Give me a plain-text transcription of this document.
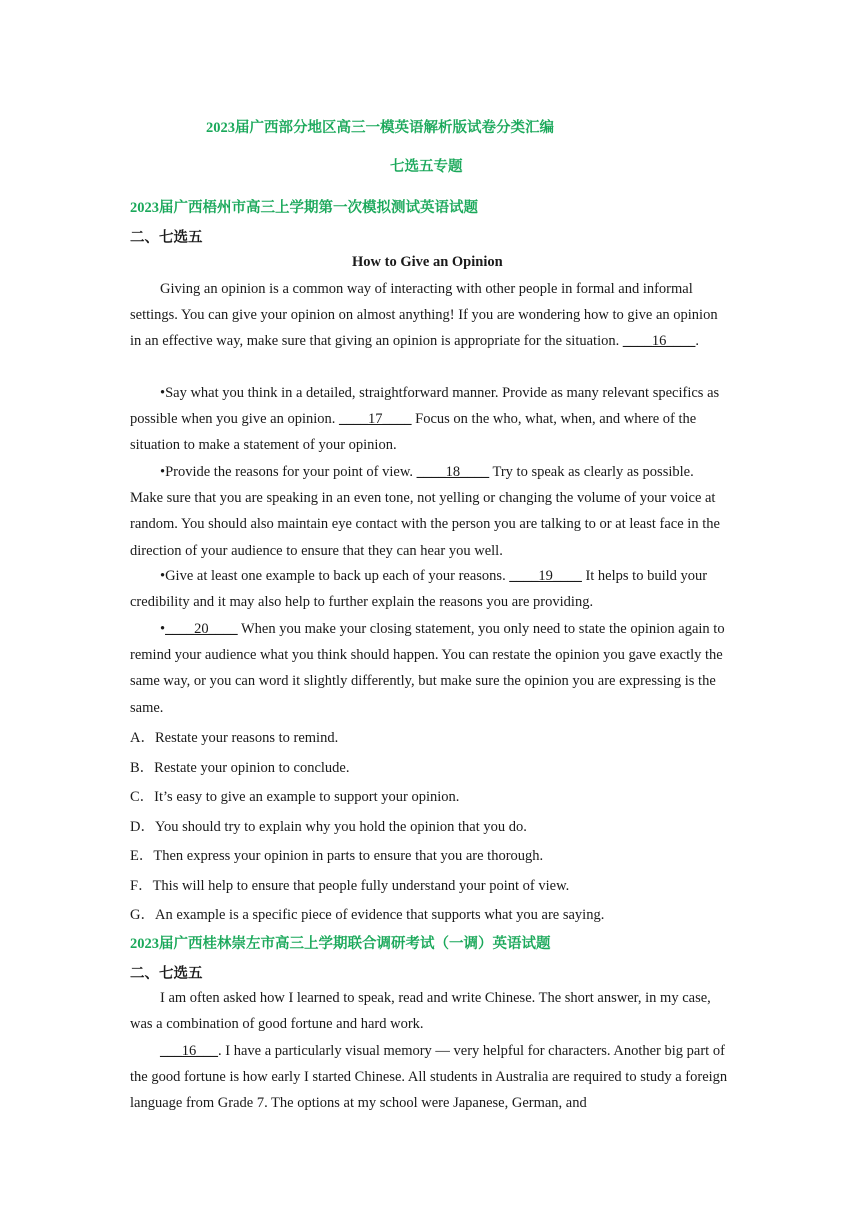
2023届广西部分地区高三一模英语解析版试卷分类汇编
七选五专题
2023届广西梧州市高三上学期第一次模拟测试英语试题
二、七选五
How to Give an Opinion
Giving an opinion is a common way of interacting with other people in formal and informal settings. You can give your opinion on almost anything! If you are wondering how to give an opinion in an effective way, make sure that giving an opinion is appropriate for the situation. ____16____.
•Say what you think in a detailed, straightforward manner. Provide as many relevant specifics as possible when you give an opinion. ____17____ Focus on the who, what, when, and where of the situation to make a statement of your opinion.
•Provide the reasons for your point of view. ____18____ Try to speak as clearly as possible. Make sure that you are speaking in an even tone, not yelling or changing the volume of your voice at random. You should also maintain eye contact with the person you are talking to or at least face in the direction of your audience to ensure that they can hear you well.
•Give at least one example to back up each of your reasons. ____19____ It helps to build your credibility and it may also help to further explain the reasons you are providing.
•____20____ When you make your closing statement, you only need to state the opinion again to remind your audience what you think should happen. You can restate the opinion you gave exactly the same way, or you can word it slightly differently, but make sure the opinion you are expressing is the same.
A．Restate your reasons to remind.
B．Restate your opinion to conclude.
C．It’s easy to give an example to support your opinion.
D．You should try to explain why you hold the opinion that you do.
E．Then express your opinion in parts to ensure that you are thorough.
F．This will help to ensure that people fully understand your point of view.
G．An example is a specific piece of evidence that supports what you are saying.
2023届广西桂林崇左市高三上学期联合调研考试（一调）英语试题
二、七选五
I am often asked how I learned to speak, read and write Chinese. The short answer, in my case, was a combination of good fortune and hard work.
___16___. I have a particularly visual memory — very helpful for characters. Another big part of the good fortune is how early I started Chinese. All students in Australia are required to study a foreign language from Grade 7. The options at my school were Japanese, German, and
